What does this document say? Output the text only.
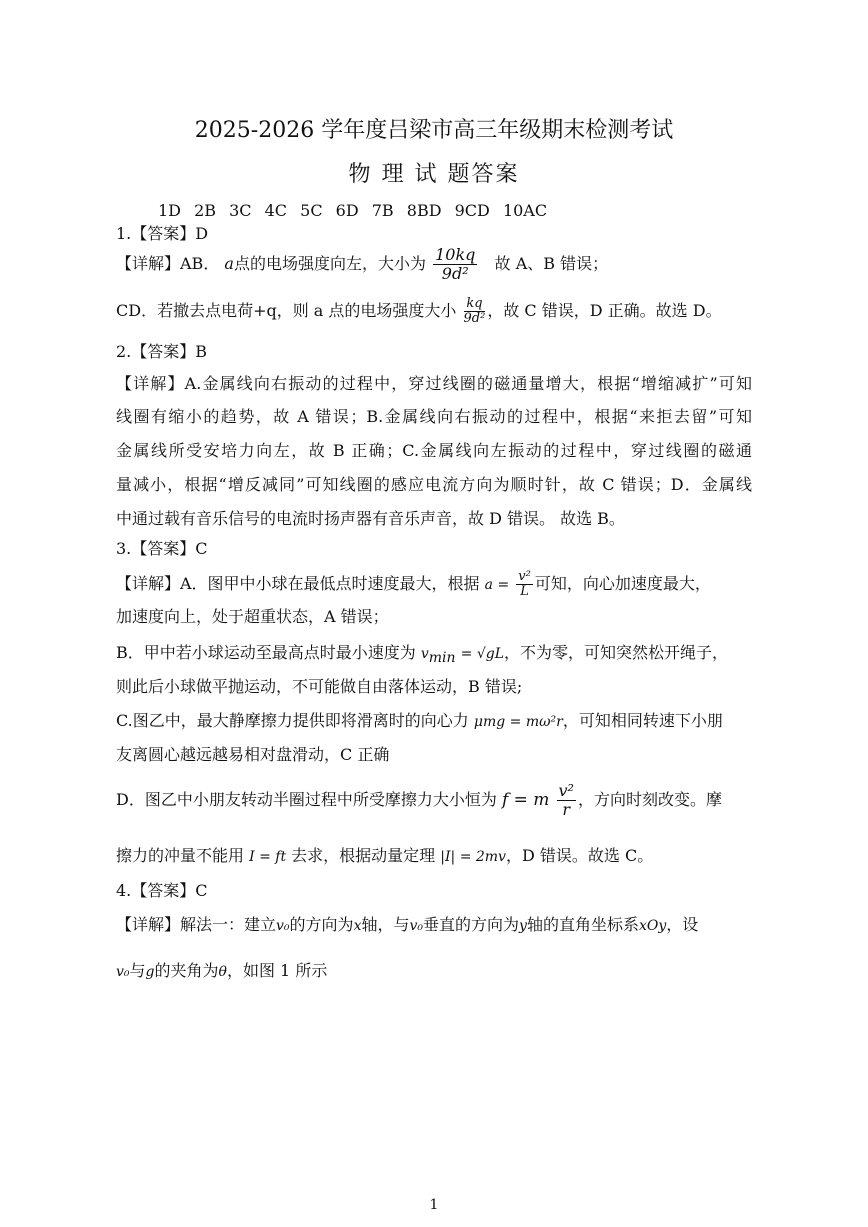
2025-2026 学年度吕梁市高三年级期末检测考试
物 理 试 题答案
1D 2B 3C 4C 5C 6D 7B 8BD 9CD 10AC
1.【答案】D
【详解】AB． a点的电场强度向左，大小为 $\frac{10kq}{\text{9d²}}$ 故 A、B 错误；
CD．若撤去点电荷+q，则 a 点的电场强度大小 $\frac{kq}{\text{9d²}}$ ，故 C 错误，D 正确。故选 D。
2.【答案】B
【详解】A.金属线向右振动的过程中，穿过线圈的磁通量增大，根据“增缩减扩”可知
线圈有缩小的趋势，故 A 错误；B.金属线向右振动的过程中，根据“来拒去留”可知
金属线所受安培力向左，故 B 正确；C.金属线向左振动的过程中，穿过线圈的磁通
量减小，根据“增反减同”可知线圈的感应电流方向为顺时针，故 C 错误；D．金属线
中通过载有音乐信号的电流时扬声器有音乐声音，故 D 错误。 故选 B。
3.【答案】C
【详解】A．图甲中小球在最低点时速度最大，根据 $a = \frac{\text{v²}}{L}$ 可知，向心加速度最大，
加速度向上，处于超重状态，A 错误；
B．甲中若小球运动至最高点时最小速度为 $v_{min} = √gL$，不为零，可知突然松开绳子，
则此后小球做平抛运动，不可能做自由落体运动，B 错误;
C.图乙中，最大静摩擦力提供即将滑离时的向心力 μmg = mω²r，可知相同转速下小朋
友离圆心越远越易相对盘滑动，C 正确
D．图乙中小朋友转动半圈过程中所受摩擦力大小恒为 f = m $\frac{\text{v²}}{r}$ ，方向时刻改变。摩
擦力的冲量不能用 I = ft 去求，根据动量定理 |I| = 2mv，D 错误。故选 C。
4.【答案】C
【详解】解法一：建立v₀的方向为x轴，与v₀垂直的方向为y轴的直角坐标系xOy，设
v₀与g的夹角为θ，如图 1 所示
1
